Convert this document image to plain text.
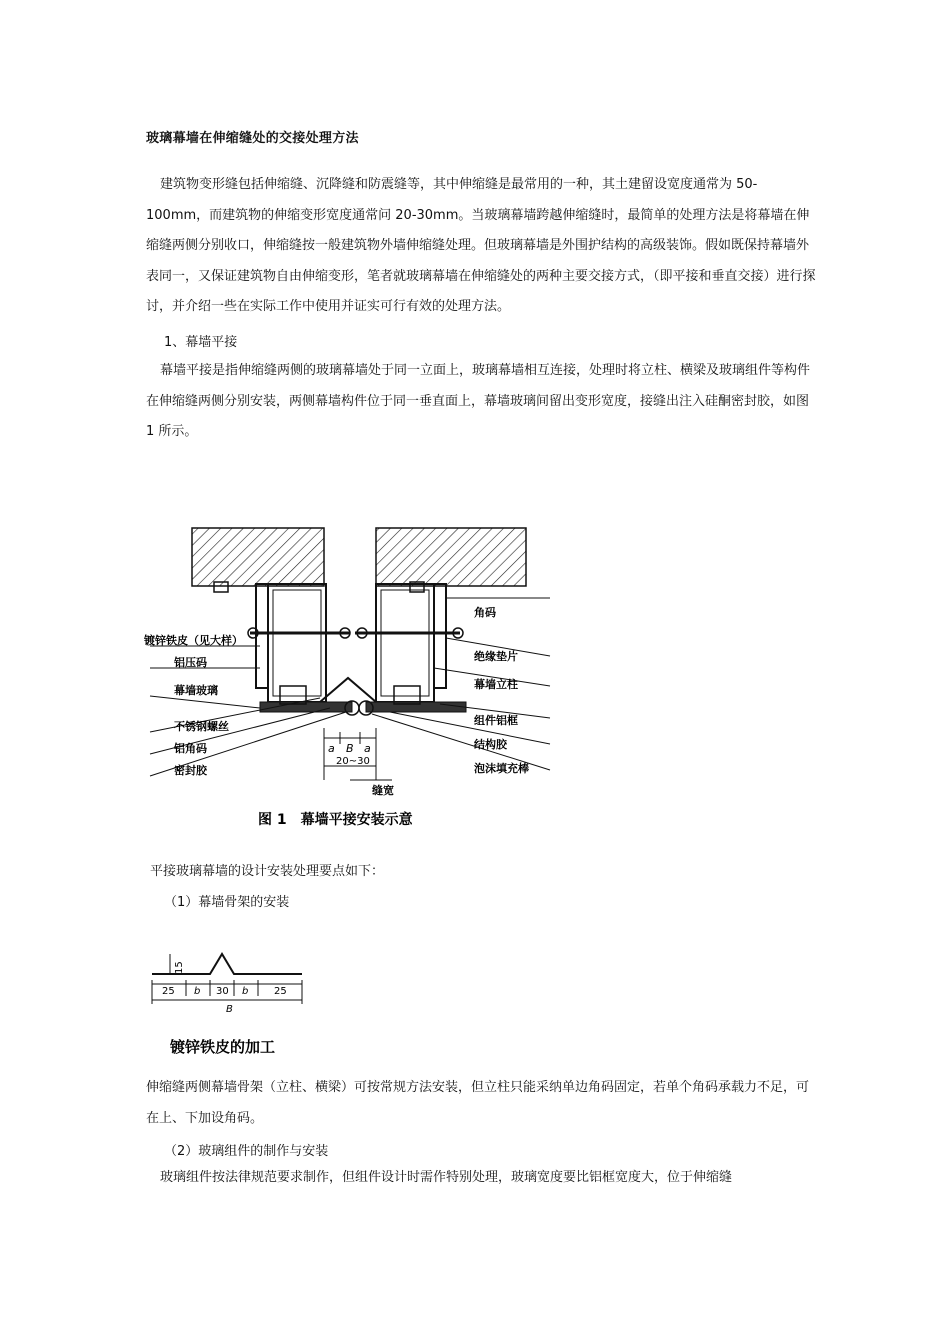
玻璃幕墙在伸缩缝处的交接处理方法

建筑物变形缝包括伸缩缝、沉降缝和防震缝等，其中伸缩缝是最常用的一种，其土建留设宽度通常为 50-100mm，而建筑物的伸缩变形宽度通常问 20-30mm。当玻璃幕墙跨越伸缩缝时，最简单的处理方法是将幕墙在伸缩缝两侧分别收口，伸缩缝按一般建筑物外墙伸缩缝处理。但玻璃幕墙是外围护结构的高级装饰。假如既保持幕墙外表同一，又保证建筑物自由伸缩变形，笔者就玻璃幕墙在伸缩缝处的两种主要交接方式，（即平接和垂直交接）进行探讨，并介绍一些在实际工作中使用并证实可行有效的处理方法。

1、幕墙平接

幕墙平接是指伸缩缝两侧的玻璃幕墙处于同一立面上，玻璃幕墙相互连接，处理时将立柱、横梁及玻璃组件等构件在伸缩缝两侧分别安装，两侧幕墙构件位于同一垂直面上，幕墙玻璃间留出变形宽度，接缝出注入硅酮密封胶，如图 1 所示。

a B a
20~30
缝宽
镀锌铁皮（见大样）
铝压码
幕墙玻璃
不锈钢螺丝
铝角码
密封胶
角码
绝缘垫片
幕墙立柱
组件铝框
结构胶
泡沫填充棒
图 1　幕墙平接安装示意
平接玻璃幕墙的设计安装处理要点如下：
（1）幕墙骨架的安装
15
25 b 30 b	25
B
镀锌铁皮的加工

伸缩缝两侧幕墙骨架（立柱、横梁）可按常规方法安装，但立柱只能采纳单边角码固定，若单个角码承载力不足，可在上、下加设角码。

（2）玻璃组件的制作与安装

玻璃组件按法律规范要求制作，但组件设计时需作特别处理，玻璃宽度要比铝框宽度大，位于伸缩缝
